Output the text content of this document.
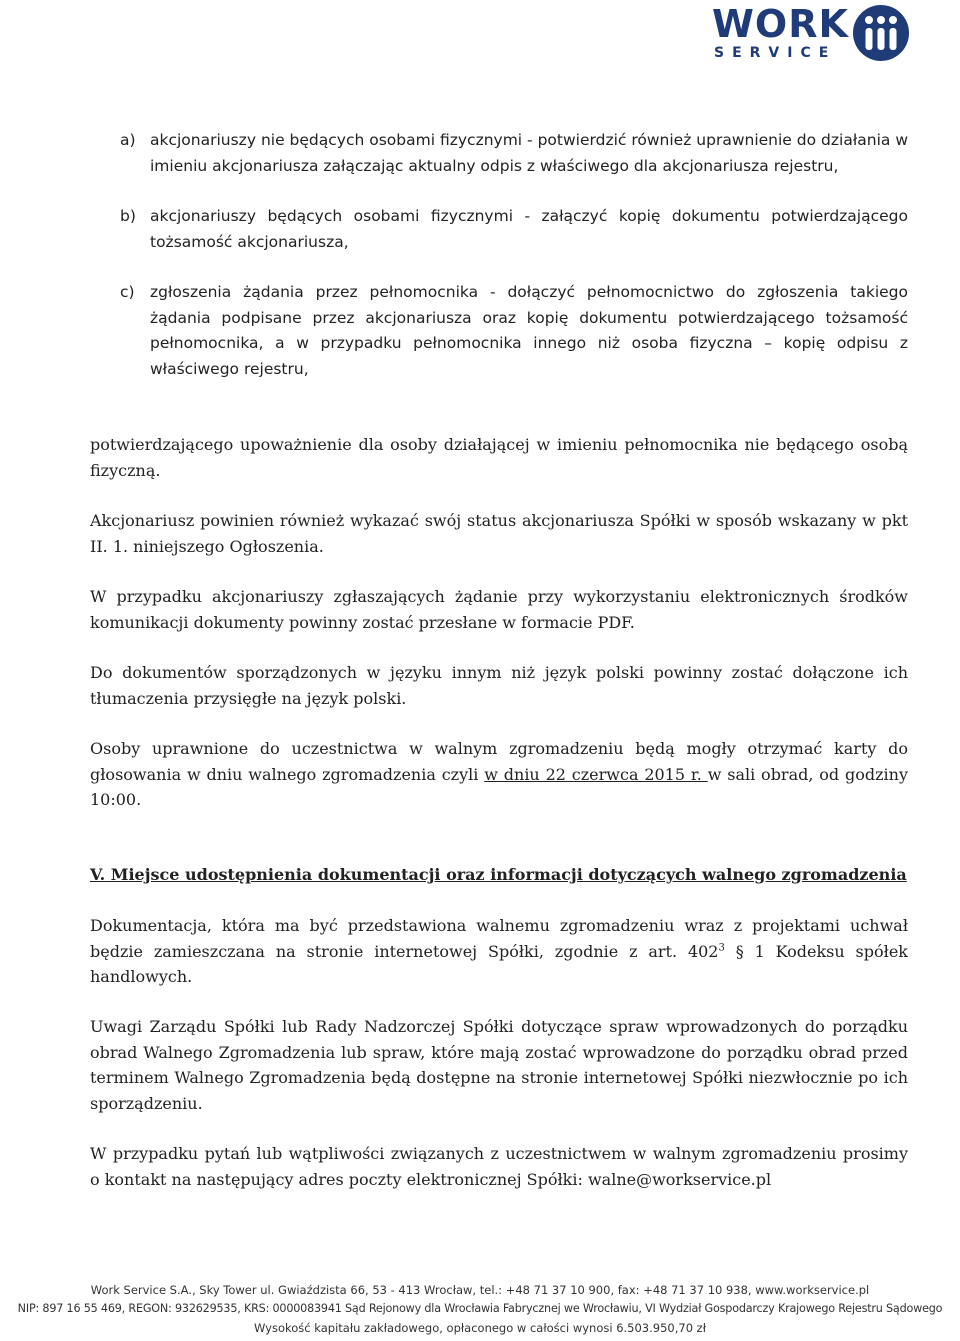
WORK
SERVICE
a) akcjonariuszy nie będących osobami fizycznymi - potwierdzić również uprawnienie do działania w imieniu akcjonariusza załączając aktualny odpis z właściwego dla akcjonariusza rejestru,
b) akcjonariuszy będących osobami fizycznymi - załączyć kopię dokumentu potwierdzającego tożsamość akcjonariusza,
c) zgłoszenia żądania przez pełnomocnika - dołączyć pełnomocnictwo do zgłoszenia takiego żądania podpisane przez akcjonariusza oraz kopię dokumentu potwierdzającego tożsamość pełnomocnika, a w przypadku pełnomocnika innego niż osoba fizyczna – kopię odpisu z właściwego rejestru,

potwierdzającego upoważnienie dla osoby działającej w imieniu pełnomocnika nie będącego osobą fizyczną.

Akcjonariusz powinien również wykazać swój status akcjonariusza Spółki w sposób wskazany w pkt II. 1. niniejszego Ogłoszenia.

W przypadku akcjonariuszy zgłaszających żądanie przy wykorzystaniu elektronicznych środków komunikacji dokumenty powinny zostać przesłane w formacie PDF.

Do dokumentów sporządzonych w języku innym niż język polski powinny zostać dołączone ich tłumaczenia przysięgłe na język polski.

Osoby uprawnione do uczestnictwa w walnym zgromadzeniu będą mogły otrzymać karty do głosowania w dniu walnego zgromadzenia czyli w dniu 22 czerwca 2015 r. w sali obrad, od godziny 10:00.

V. Miejsce udostępnienia dokumentacji oraz informacji dotyczących walnego zgromadzenia

Dokumentacja, która ma być przedstawiona walnemu zgromadzeniu wraz z projektami uchwał będzie zamieszczana na stronie internetowej Spółki, zgodnie z art. $402^3$ § 1 Kodeksu spółek handlowych.

Uwagi Zarządu Spółki lub Rady Nadzorczej Spółki dotyczące spraw wprowadzonych do porządku obrad Walnego Zgromadzenia lub spraw, które mają zostać wprowadzone do porządku obrad przed terminem Walnego Zgromadzenia będą dostępne na stronie internetowej Spółki niezwłocznie po ich sporządzeniu.

W przypadku pytań lub wątpliwości związanych z uczestnictwem w walnym zgromadzeniu prosimy o kontakt na następujący adres poczty elektronicznej Spółki: walne@workservice.pl

Work Service S.A., Sky Tower ul. Gwiaździsta 66, 53 - 413 Wrocław, tel.: +48 71 37 10 900, fax: +48 71 37 10 938, www.workservice.pl
NIP: 897 16 55 469, REGON: 932629535, KRS: 0000083941 Sąd Rejonowy dla Wrocławia Fabrycznej we Wrocławiu, VI Wydział Gospodarczy Krajowego Rejestru Sądowego
Wysokość kapitału zakładowego, opłaconego w całości wynosi 6.503.950,70 zł
